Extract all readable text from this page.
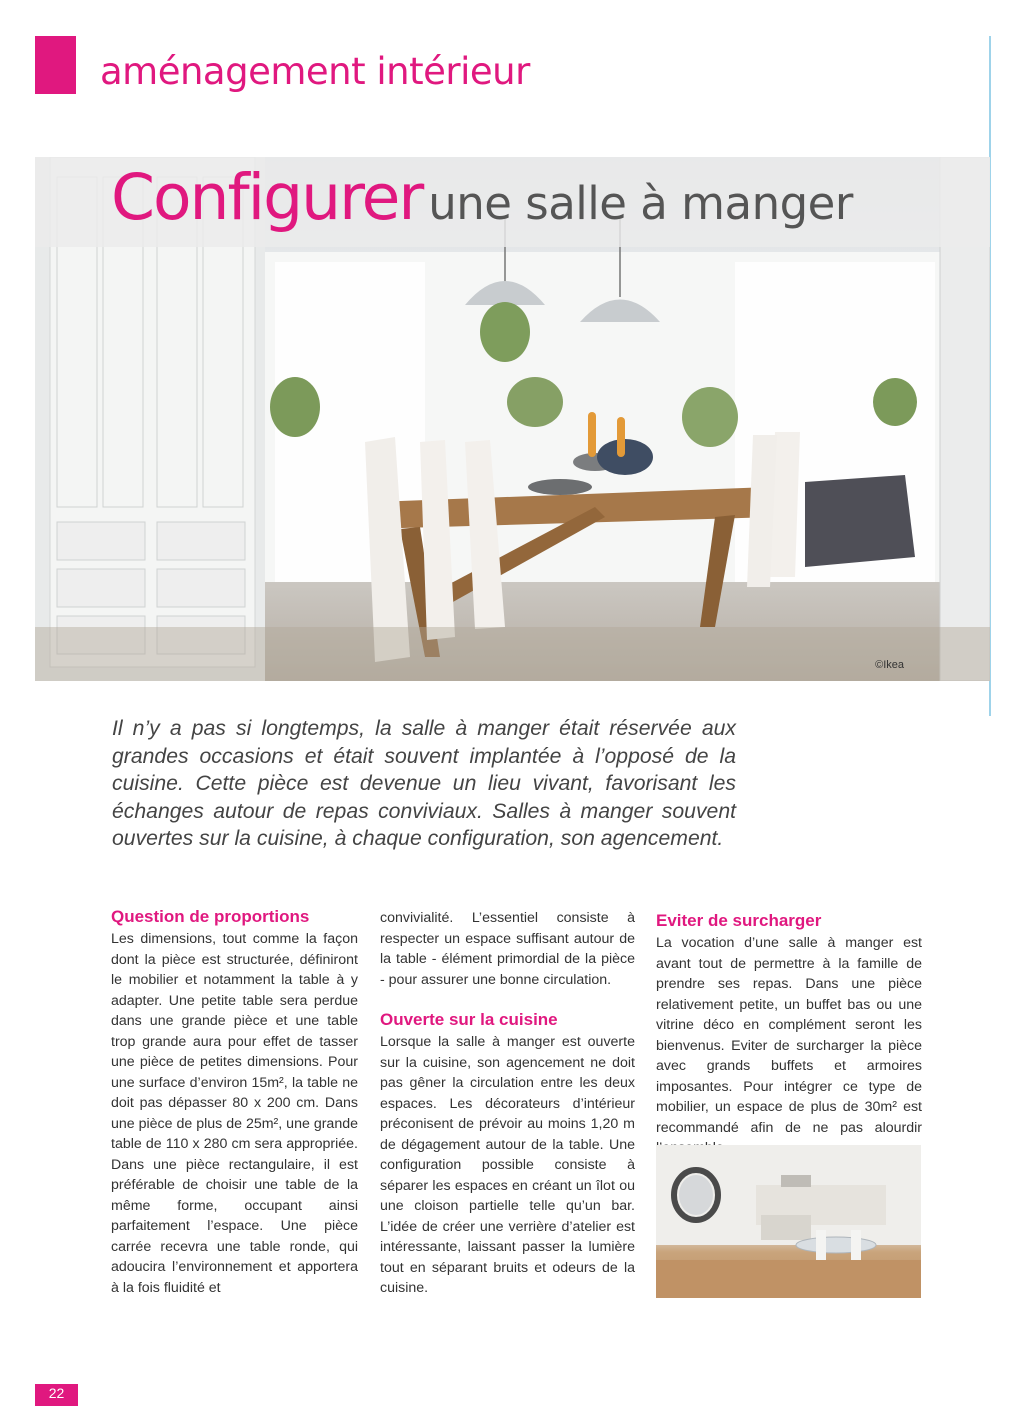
aménagement intérieur
Configurer une salle à manger
©Ikea
Il n’y a pas si longtemps, la salle à manger était réservée aux grandes occasions et était souvent implantée à l’opposé de la cuisine. Cette pièce est devenue un lieu vivant, favorisant les échanges autour de repas conviviaux. Salles à manger souvent ouvertes sur la cuisine, à chaque configuration, son agencement.
Question de proportions

Les dimensions, tout comme la façon dont la pièce est structurée, définiront le mobilier et notamment la table à y adapter. Une petite table sera perdue dans une grande pièce et une table trop grande aura pour effet de tasser une pièce de petites dimensions. Pour une surface d’environ 15m², la table ne doit pas dépasser 80 x 200 cm. Dans une pièce de plus de 25m², une grande table de 110 x 280 cm sera appropriée. Dans une pièce rectangulaire, il est préférable de choisir une table de la même forme, occupant ainsi parfaitement l’espace. Une pièce carrée recevra une table ronde, qui adoucira l’environnement et apportera à la fois fluidité et

convivialité. L’essentiel consiste à respecter un espace suffisant autour de la table - élément primordial de la pièce - pour assurer une bonne circulation.

Ouverte sur la cuisine

Lorsque la salle à manger est ouverte sur la cuisine, son agencement ne doit pas gêner la circulation entre les deux espaces. Les décorateurs d’intérieur préconisent de prévoir au moins 1,20 m de dégagement autour de la table. Une configuration possible consiste à séparer les espaces en créant un îlot ou une cloison partielle telle qu’un bar. L’idée de créer une verrière d’atelier est intéressante, laissant passer la lumière tout en séparant bruits et odeurs de la cuisine.

Eviter de surcharger

La vocation d’une salle à manger est avant tout de permettre à la famille de prendre ses repas. Dans une pièce relativement petite, un buffet bas ou une vitrine déco en complément seront les bienvenus. Eviter de surcharger la pièce avec grands buffets et armoires imposantes. Pour intégrer ce type de mobilier, un espace de plus de 30m² est recommandé afin de ne pas alourdir

22
